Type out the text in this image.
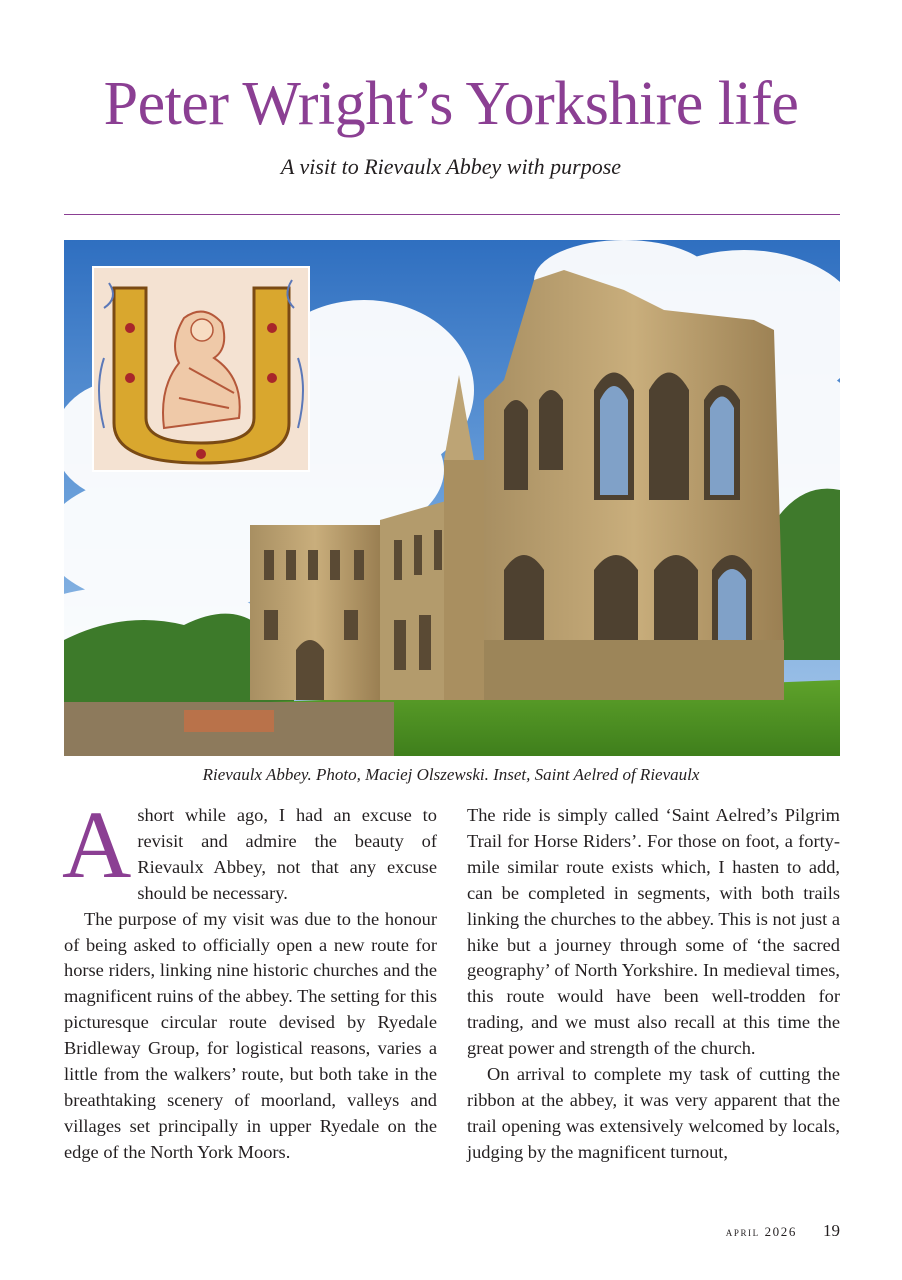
Peter Wright’s Yorkshire life
A visit to Rievaulx Abbey with purpose
Rievaulx Abbey. Photo, Maciej Olszewski. Inset, Saint Aelred of Rievaulx

Ashort while ago, I had an excuse to revisit and admire the beauty of Rievaulx Abbey, not that any excuse should be necessary.

The purpose of my visit was due to the honour of being asked to officially open a new route for horse riders, linking nine historic churches and the magnificent ruins of the abbey. The setting for this picturesque circular route devised by Ryedale Bridleway Group, for logistical reasons, varies a little from the walkers’ route, but both take in the breathtaking scenery of moorland, valleys and villages set principally in upper Ryedale on the edge of the North York Moors.

The ride is simply called ‘Saint Aelred’s Pilgrim Trail for Horse Riders’. For those on foot, a forty-mile similar route exists which, I hasten to add, can be completed in segments, with both trails linking the churches to the abbey. This is not just a hike but a journey through some of ‘the sacred geography’ of North Yorkshire. In medieval times, this route would have been well-trodden for trading, and we must also recall at this time the great power and strength of the church.

On arrival to complete my task of cutting the ribbon at the abbey, it was very apparent that the trail opening was extensively welcomed by locals, judging by the magnificent turnout,

april 2026 19
